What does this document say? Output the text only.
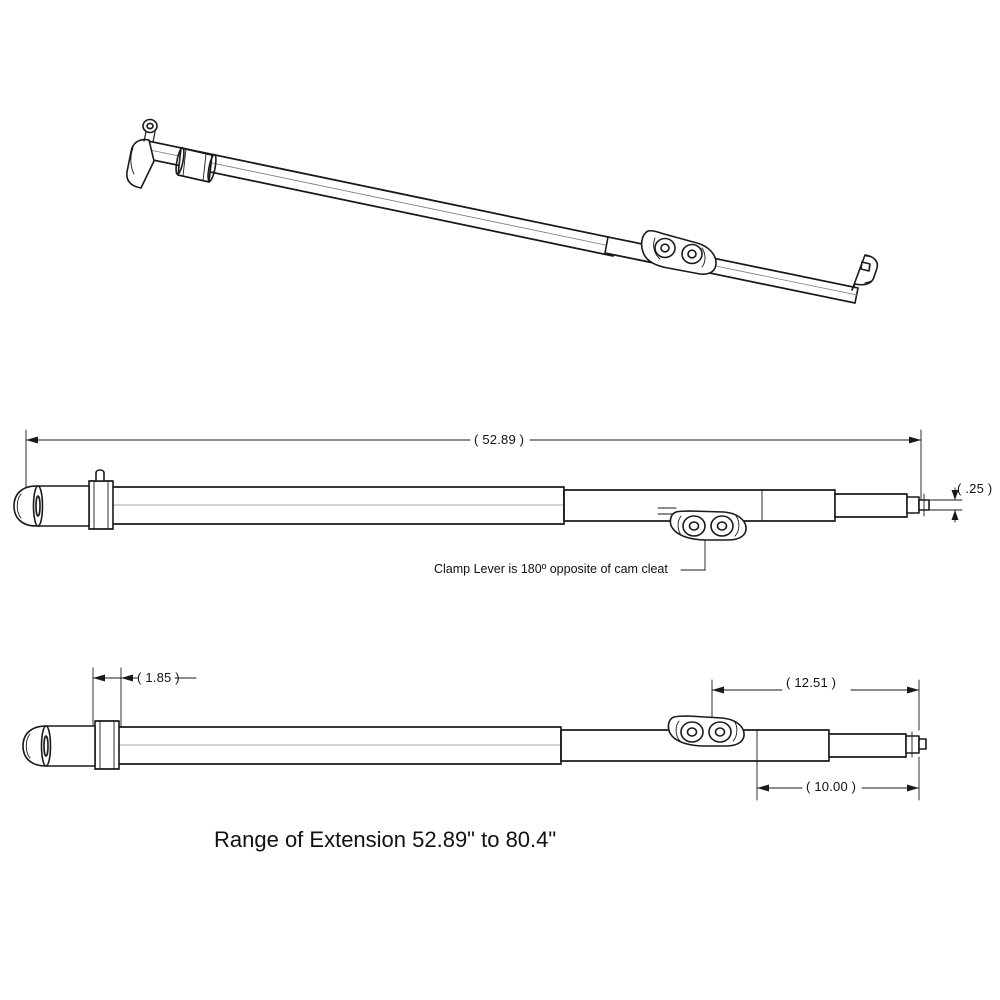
( 52.89 )
( .25 )
Clamp Lever is 180º opposite of cam cleat
( 1.85 )	( 12.51 )
( 10.00 )
Range of Extension 52.89" to 80.4"
